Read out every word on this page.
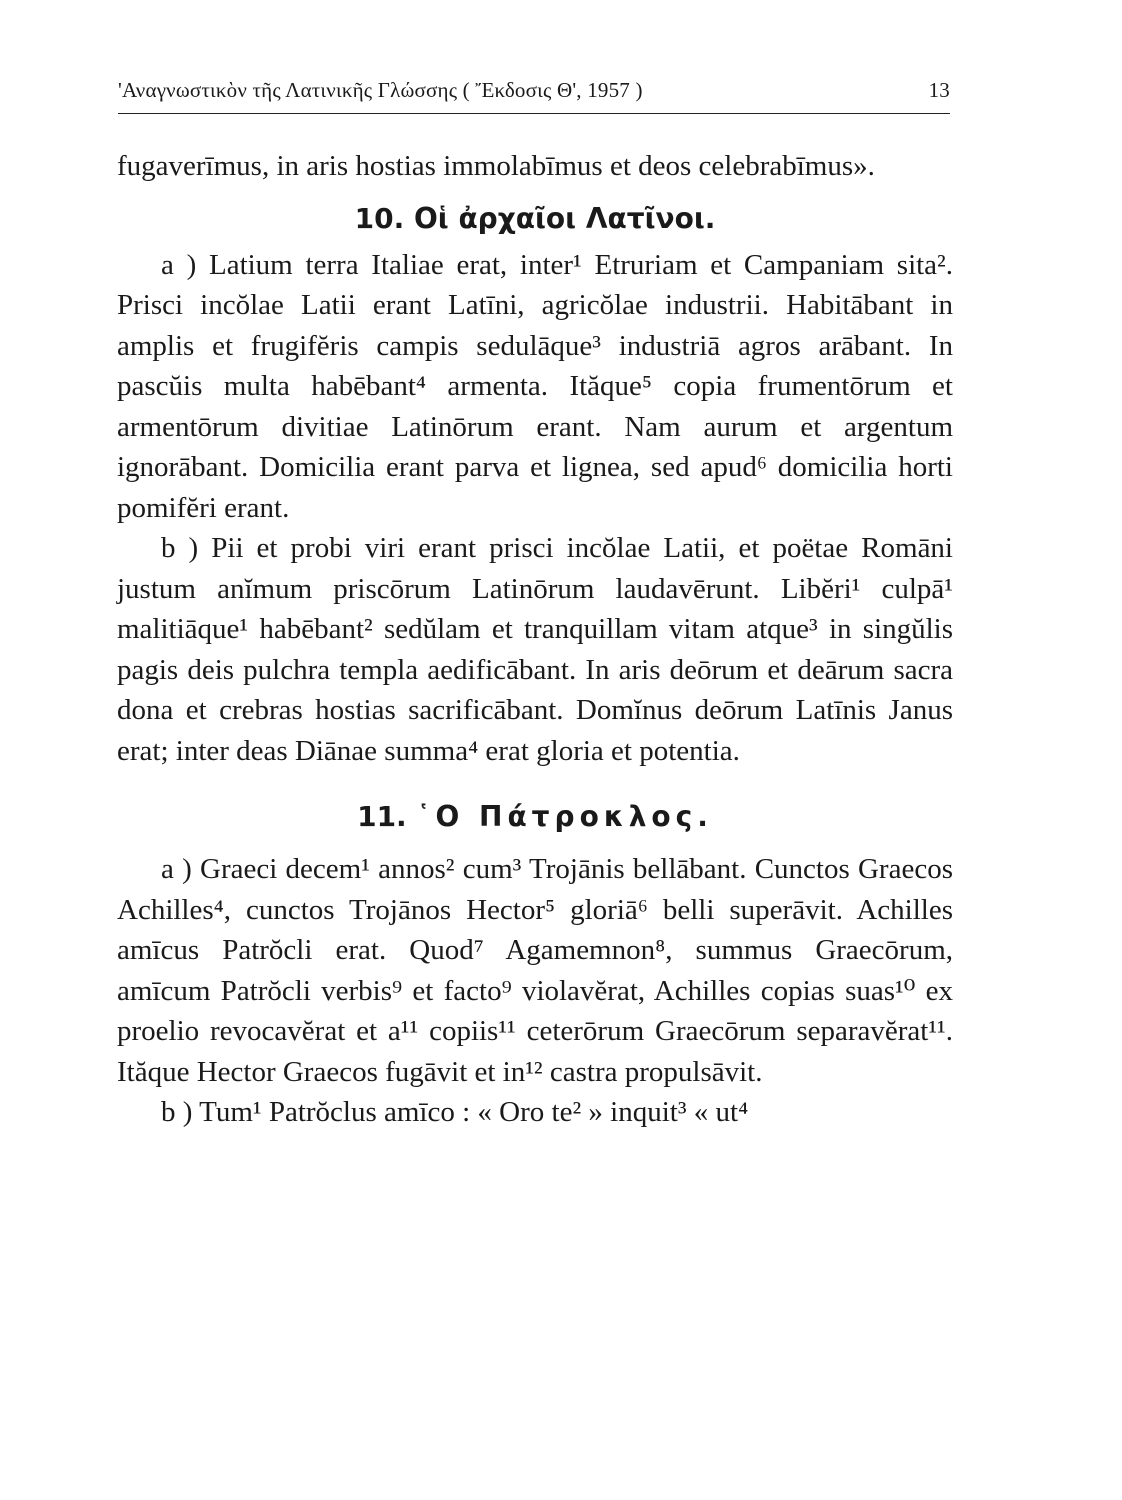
'Αναγνωστικὸν τῆς Λατινικῆς Γλώσσης ( Ἔκδοσις Θ', 1957 )	13

fugaverīmus, in aris hostias immolabīmus et deos celebrabīmus».

10. Οἱ ἀρχαῖοι Λατῖνοι.

a ) Latium terra Italiae erat, inter¹ Etruriam et Campaniam sita². Prisci incŏlae Latii erant Latīni, agricŏlae industrii. Habitābant in amplis et frugifĕris campis sedulāque³ industriā agros arābant. In pascŭis multa habēbant⁴ armenta. Ităque⁵ copia frumentōrum et armentōrum divitiae Latinōrum erant. Nam aurum et argentum ignorābant. Domicilia erant parva et lignea, sed apud⁶ domicilia horti pomifĕri erant.

b ) Pii et probi viri erant prisci incŏlae Latii, et poëtae Romāni justum anĭmum priscōrum Latinōrum laudavērunt. Libĕri¹ culpā¹ malitiāque¹ habēbant² sedŭlam et tranquillam vitam atque³ in singŭlis pagis deis pulchra templa aedificābant. In aris deōrum et deārum sacra dona et crebras hostias sacrificābant. Domĭnus deōrum Latīnis Janus erat; inter deas Diānae summa⁴ erat gloria et potentia.

11. ῾Ο Πάτροκλος.

a ) Graeci decem¹ annos² cum³ Trojānis bellābant. Cunctos Graecos Achilles⁴, cunctos Trojānos Hector⁵ gloriā⁶ belli superāvit. Achilles amīcus Patrŏcli erat. Quod⁷ Agamemnon⁸, summus Graecōrum, amīcum Patrŏcli verbis⁹ et facto⁹ violavĕrat, Achilles copias suas¹⁰ ex proelio revocavĕrat et a¹¹ copiis¹¹ ceterōrum Graecōrum separavĕrat¹¹. Ităque Hector Graecos fugāvit et in¹² castra propulsāvit.

b ) Tum¹ Patrŏclus amīco : « Oro te² » inquit³ « ut⁴
